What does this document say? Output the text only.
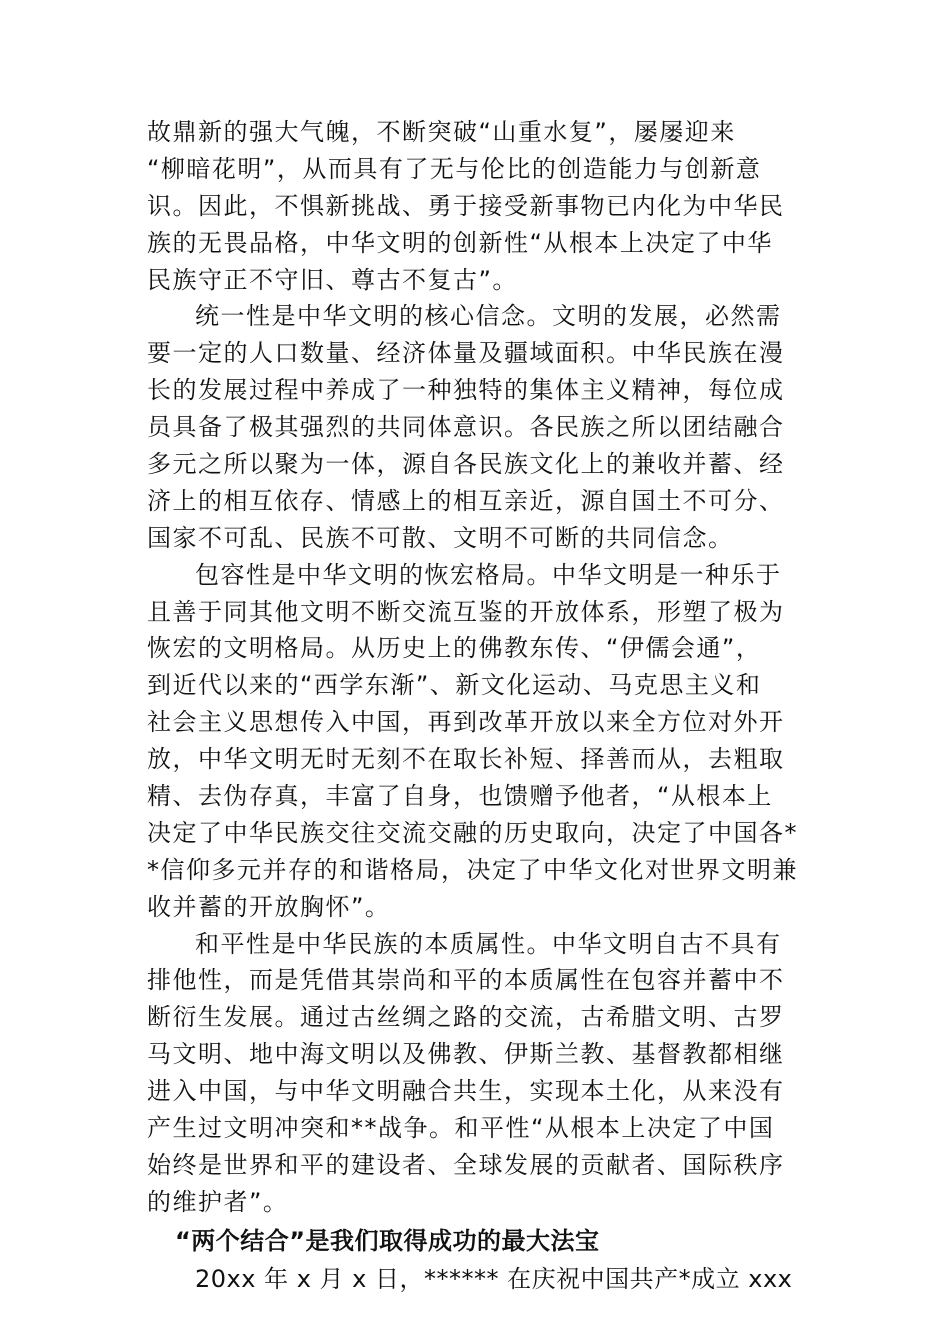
故鼎新的强大气魄，不断突破“山重水复”，屡屡迎来
“柳暗花明”，从而具有了无与伦比的创造能力与创新意
识。因此，不惧新挑战、勇于接受新事物已内化为中华民
族的无畏品格，中华文明的创新性“从根本上决定了中华
民族守正不守旧、尊古不复古”。
统一性是中华文明的核心信念。文明的发展，必然需
要一定的人口数量、经济体量及疆域面积。中华民族在漫
长的发展过程中养成了一种独特的集体主义精神，每位成
员具备了极其强烈的共同体意识。各民族之所以团结融合
多元之所以聚为一体，源自各民族文化上的兼收并蓄、经
济上的相互依存、情感上的相互亲近，源自国土不可分、
国家不可乱、民族不可散、文明不可断的共同信念。
包容性是中华文明的恢宏格局。中华文明是一种乐于
且善于同其他文明不断交流互鉴的开放体系，形塑了极为
恢宏的文明格局。从历史上的佛教东传、“伊儒会通”，
到近代以来的“西学东渐”、新文化运动、马克思主义和
社会主义思想传入中国，再到改革开放以来全方位对外开
放，中华文明无时无刻不在取长补短、择善而从，去粗取
精、去伪存真，丰富了自身，也馈赠予他者，“从根本上
决定了中华民族交往交流交融的历史取向，决定了中国各*
*信仰多元并存的和谐格局，决定了中华文化对世界文明兼
收并蓄的开放胸怀”。
和平性是中华民族的本质属性。中华文明自古不具有
排他性，而是凭借其崇尚和平的本质属性在包容并蓄中不
断衍生发展。通过古丝绸之路的交流，古希腊文明、古罗
马文明、地中海文明以及佛教、伊斯兰教、基督教都相继
进入中国，与中华文明融合共生，实现本土化，从来没有
产生过文明冲突和**战争。和平性“从根本上决定了中国
始终是世界和平的建设者、全球发展的贡献者、国际秩序
的维护者”。
“两个结合”是我们取得成功的最大法宝
20xx 年 x 月 x 日，****** 在庆祝中国共产*成立 xxx
